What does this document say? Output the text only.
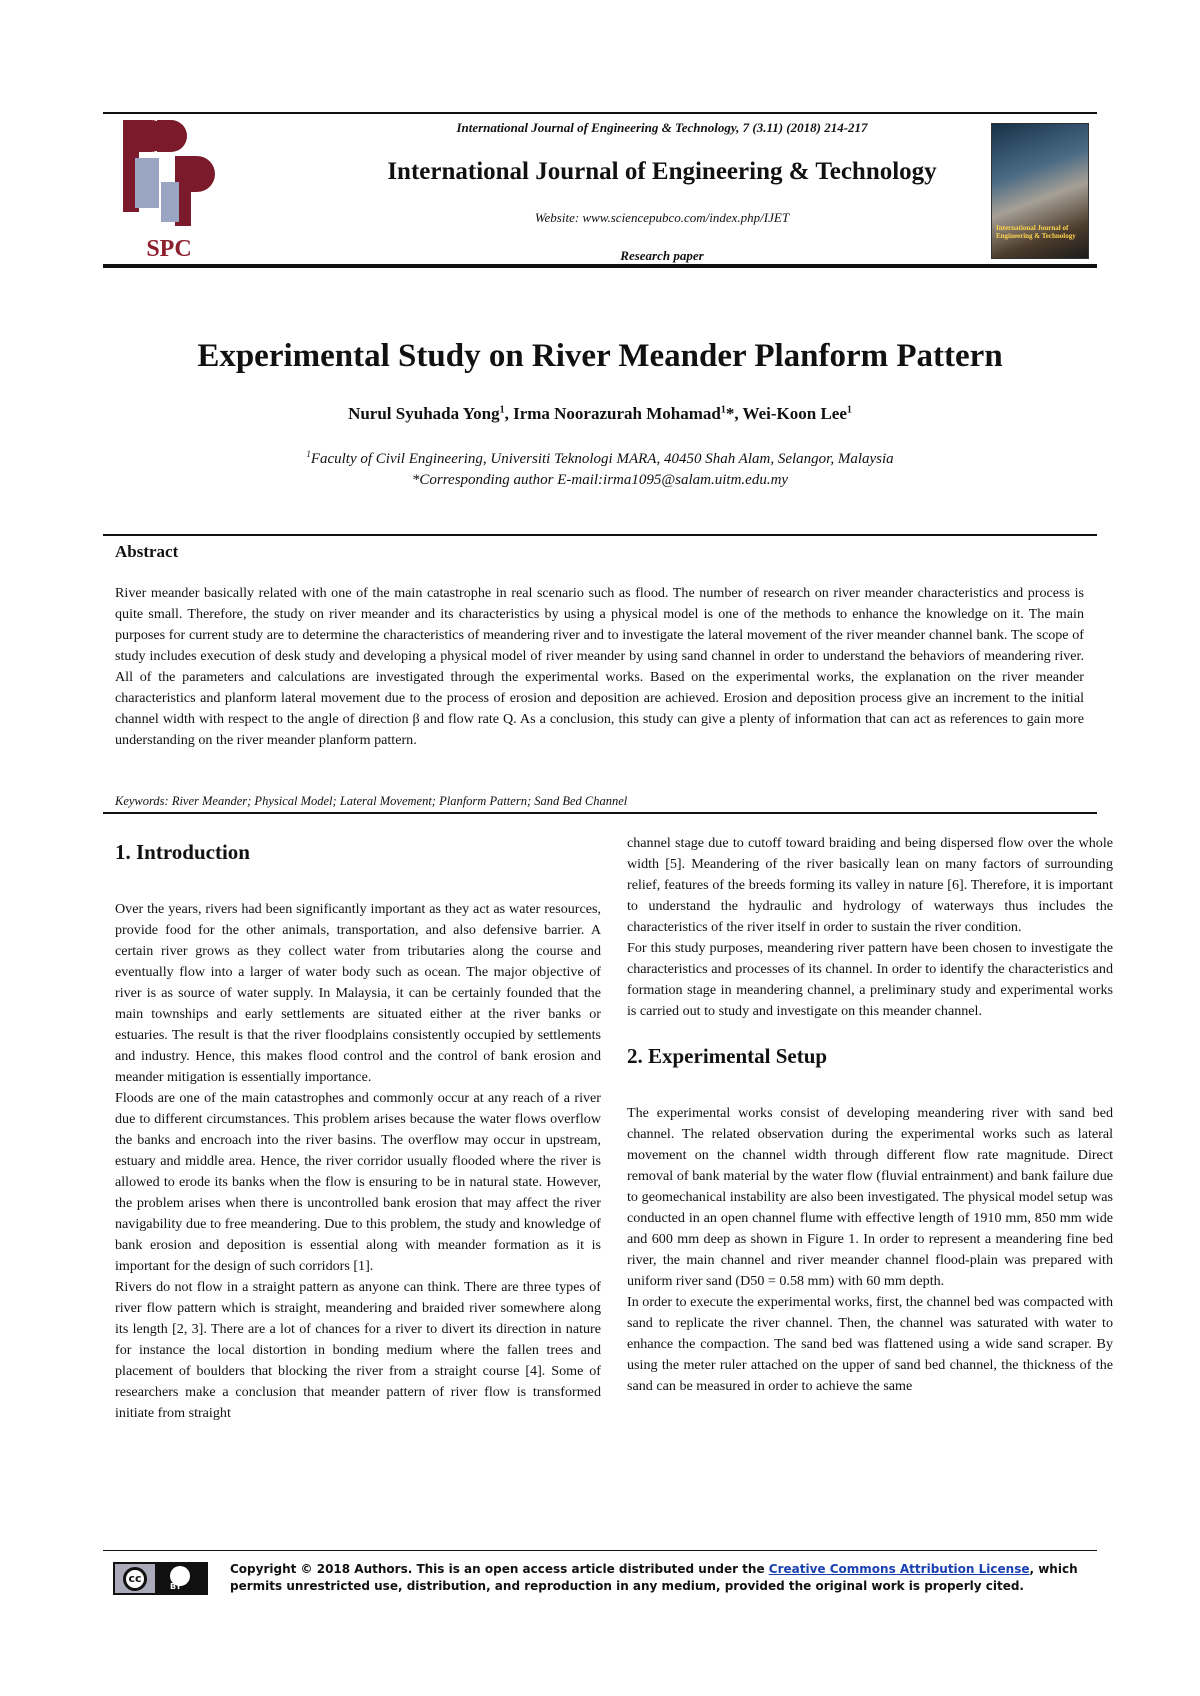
SPC
International Journal of Engineering & Technology, 7 (3.11) (2018) 214-217
International Journal of Engineering & Technology
Website: www.sciencepubco.com/index.php/IJET
Research paper
International Journal of Engineering & Technology
Experimental Study on River Meander Planform Pattern
Nurul Syuhada Yong$^1$, Irma Noorazurah Mohamad$^1$*, Wei-Koon Lee$^1$
$^1$Faculty of Civil Engineering, Universiti Teknologi MARA, 40450 Shah Alam, Selangor, Malaysia
*Corresponding author E-mail:irma1095@salam.uitm.edu.my
Abstract
River meander basically related with one of the main catastrophe in real scenario such as flood. The number of research on river meander characteristics and process is quite small. Therefore, the study on river meander and its characteristics by using a physical model is one of the methods to enhance the knowledge on it. The main purposes for current study are to determine the characteristics of meandering river and to investigate the lateral movement of the river meander channel bank. The scope of study includes execution of desk study and developing a physical model of river meander by using sand channel in order to understand the behaviors of meandering river. All of the parameters and calculations are investigated through the experimental works. Based on the experimental works, the explanation on the river meander characteristics and planform lateral movement due to the process of erosion and deposition are achieved. Erosion and deposition process give an increment to the initial channel width with respect to the angle of direction β and flow rate Q. As a conclusion, this study can give a plenty of information that can act as references to gain more understanding on the river meander planform pattern.
Keywords: River Meander; Physical Model; Lateral Movement; Planform Pattern; Sand Bed Channel
1. Introduction

Over the years, rivers had been significantly important as they act as water resources, provide food for the other animals, transportation, and also defensive barrier. A certain river grows as they collect water from tributaries along the course and eventually flow into a larger of water body such as ocean. The major objective of river is as source of water supply. In Malaysia, it can be certainly founded that the main townships and early settlements are situated either at the river banks or estuaries. The result is that the river floodplains consistently occupied by settlements and industry. Hence, this makes flood control and the control of bank erosion and meander mitigation is essentially importance.

Floods are one of the main catastrophes and commonly occur at any reach of a river due to different circumstances. This problem arises because the water flows overflow the banks and encroach into the river basins. The overflow may occur in upstream, estuary and middle area. Hence, the river corridor usually flooded where the river is allowed to erode its banks when the flow is ensuring to be in natural state. However, the problem arises when there is uncontrolled bank erosion that may affect the river navigability due to free meandering. Due to this problem, the study and knowledge of bank erosion and deposition is essential along with meander formation as it is important for the design of such corridors [1].

Rivers do not flow in a straight pattern as anyone can think. There are three types of river flow pattern which is straight, meandering and braided river somewhere along its length [2, 3]. There are a lot of chances for a river to divert its direction in nature for instance the local distortion in bonding medium where the fallen trees and placement of boulders that blocking the river from a straight course [4]. Some of researchers make a conclusion that meander pattern of river flow is transformed initiate from straight

channel stage due to cutoff toward braiding and being dispersed flow over the whole width [5]. Meandering of the river basically lean on many factors of surrounding relief, features of the breeds forming its valley in nature [6]. Therefore, it is important to understand the hydraulic and hydrology of waterways thus includes the characteristics of the river itself in order to sustain the river condition.

For this study purposes, meandering river pattern have been chosen to investigate the characteristics and processes of its channel. In order to identify the characteristics and formation stage in meandering channel, a preliminary study and experimental works is carried out to study and investigate on this meander channel.

2. Experimental Setup

The experimental works consist of developing meandering river with sand bed channel. The related observation during the experimental works such as lateral movement on the channel width through different flow rate magnitude. Direct removal of bank material by the water flow (fluvial entrainment) and bank failure due to geomechanical instability are also been investigated. The physical model setup was conducted in an open channel flume with effective length of 1910 mm, 850 mm wide and 600 mm deep as shown in Figure 1. In order to represent a meandering fine bed river, the main channel and river meander channel flood-plain was prepared with uniform river sand (D50 = 0.58 mm) with 60 mm depth.

In order to execute the experimental works, first, the channel bed was compacted with sand to replicate the river channel. Then, the channel was saturated with water to enhance the compaction. The sand bed was flattened using a wide sand scraper. By using the meter ruler attached on the upper of sand bed channel, the thickness of the sand can be measured in order to achieve the same

cc
BY
Copyright © 2018 Authors. This is an open access article distributed under the Creative Commons Attribution License, which permits unrestricted use, distribution, and reproduction in any medium, provided the original work is properly cited.
